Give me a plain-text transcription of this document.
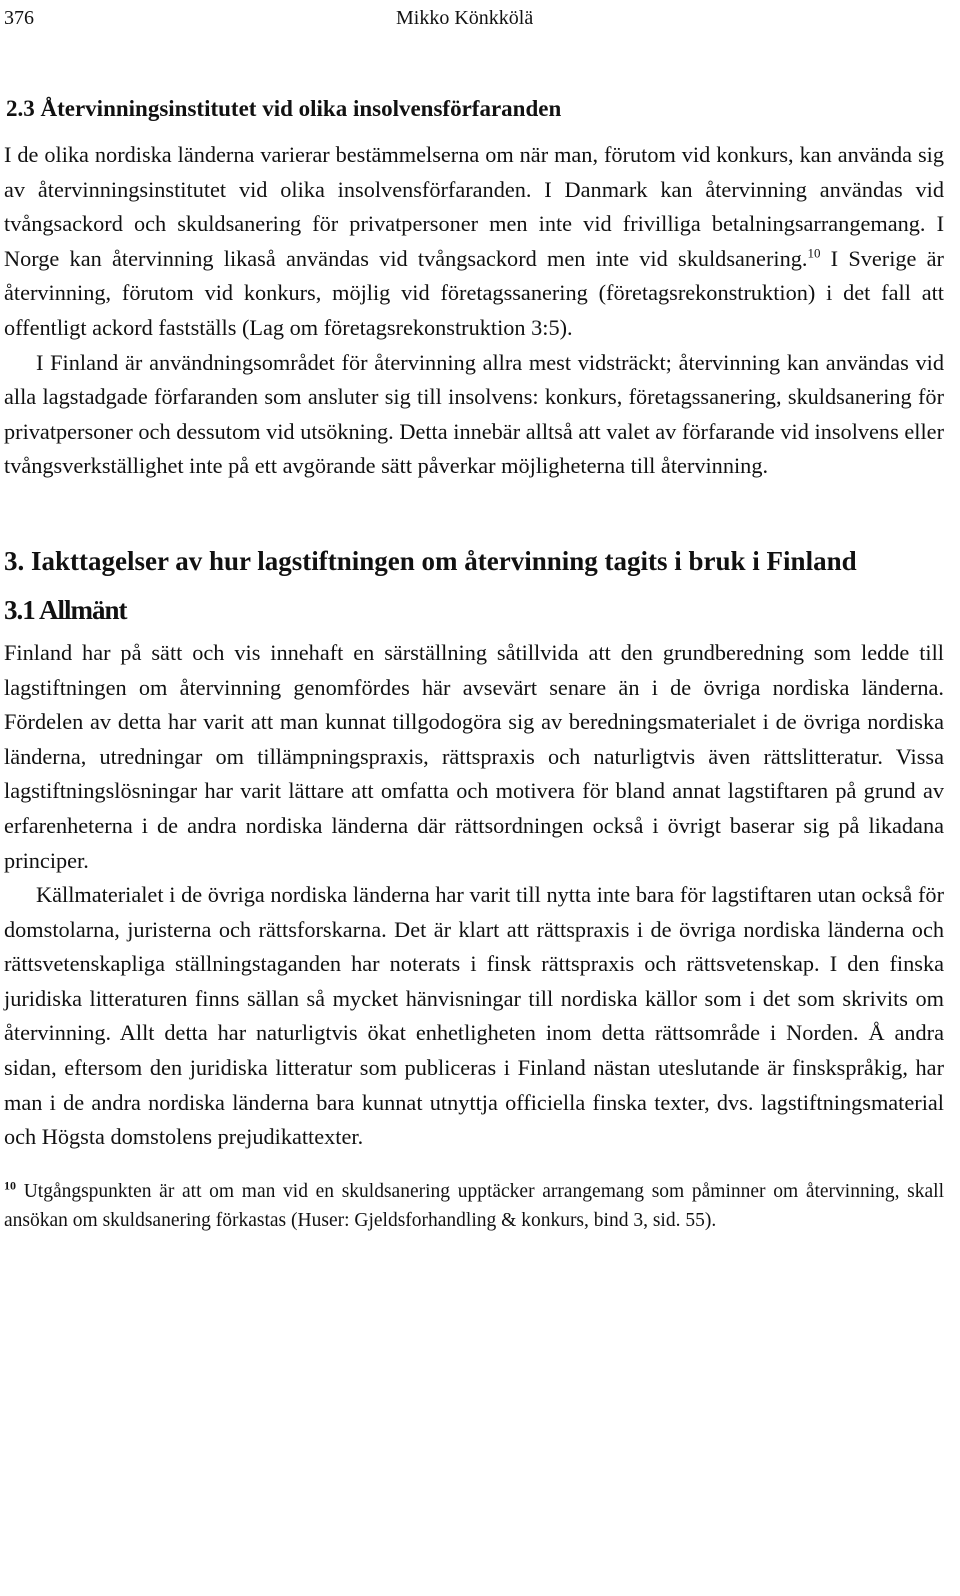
376	Mikko Könkkölä
2.3 Återvinningsinstitutet vid olika insolvensförfaranden

I de olika nordiska länderna varierar bestämmelserna om när man, förutom vid konkurs, kan använda sig av återvinningsinstitutet vid olika insolvensförfaranden. I Danmark kan återvinning användas vid tvångsackord och skuldsanering för privatpersoner men inte vid frivilliga betalningsarrangemang. I Norge kan återvinning likaså användas vid tvångsackord men inte vid skuldsanering.$^{10}$ I Sverige är återvinning, förutom vid konkurs, möjlig vid företagssanering (företagsrekonstruktion) i det fall att offentligt ackord fastställs (Lag om företagsrekonstruktion 3:5).

I Finland är användningsområdet för återvinning allra mest vidsträckt; återvinning kan användas vid alla lagstadgade förfaranden som ansluter sig till insolvens: konkurs, företagssanering, skuldsanering för privatpersoner och dessutom vid utsökning. Detta innebär alltså att valet av förfarande vid insolvens eller tvångsverkställighet inte på ett avgörande sätt påverkar möjligheterna till återvinning.

3. Iakttagelser av hur lagstiftningen om återvinning tagits i bruk i Finland
3.1 Allmänt

Finland har på sätt och vis innehaft en särställning såtillvida att den grundberedning som ledde till lagstiftningen om återvinning genomfördes här avsevärt senare än i de övriga nordiska länderna. Fördelen av detta har varit att man kunnat tillgodogöra sig av beredningsmaterialet i de övriga nordiska länderna, utredningar om tillämpningspraxis, rättspraxis och naturligtvis även rättslitteratur. Vissa lagstiftningslösningar har varit lättare att omfatta och motivera för bland annat lagstiftaren på grund av erfarenheterna i de andra nordiska länderna där rättsordningen också i övrigt baserar sig på likadana principer.

Källmaterialet i de övriga nordiska länderna har varit till nytta inte bara för lagstiftaren utan också för domstolarna, juristerna och rättsforskarna. Det är klart att rättspraxis i de övriga nordiska länderna och rättsvetenskapliga ställningstaganden har noterats i finsk rättspraxis och rättsvetenskap. I den finska juridiska litteraturen finns sällan så mycket hänvisningar till nordiska källor som i det som skrivits om återvinning. Allt detta har naturligtvis ökat enhetligheten inom detta rättsområde i Norden. Å andra sidan, eftersom den juridiska litteratur som publiceras i Finland nästan uteslutande är finskspråkig, har man i de andra nordiska länderna bara kunnat utnyttja officiella finska texter, dvs. lagstiftningsmaterial och Högsta domstolens prejudikattexter.

$^{10}$ Utgångspunkten är att om man vid en skuldsanering upptäcker arrangemang som påminner om återvinning, skall ansökan om skuldsanering förkastas (Huser: Gjeldsforhandling & konkurs, bind 3, sid. 55).
